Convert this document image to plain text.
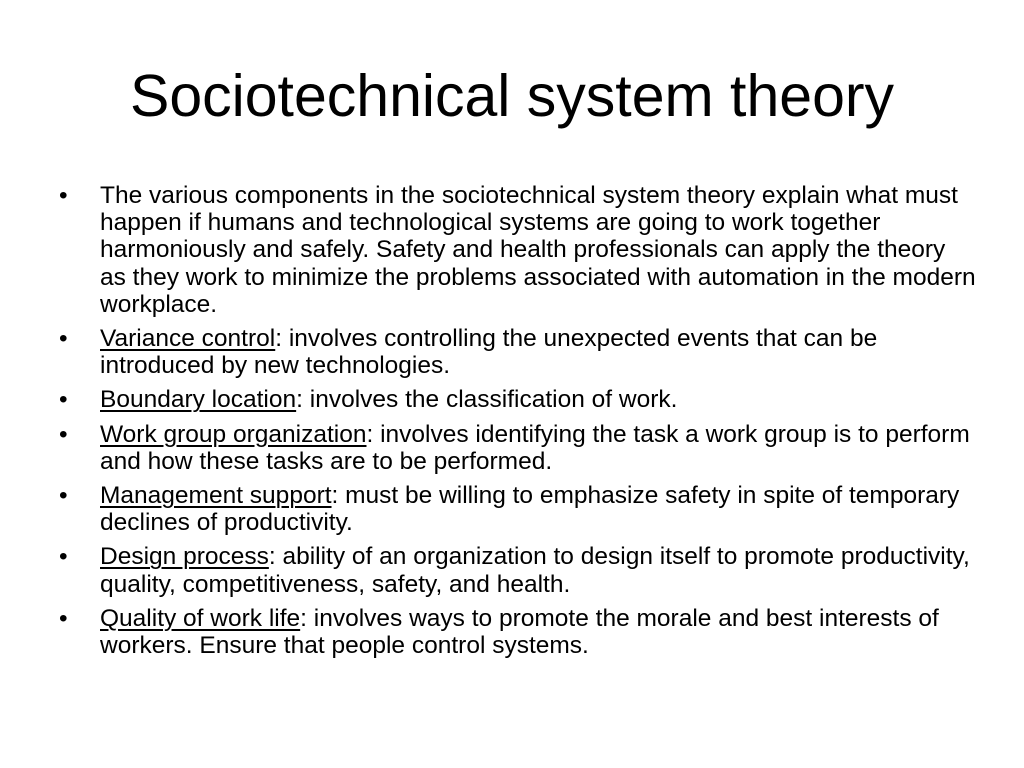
Sociotechnical system theory
•	The various components in the sociotechnical system theory explain what must happen if humans and technological systems are going to work together harmoniously and safely. Safety and health professionals can apply the theory as they work to minimize the problems associated with automation in the modern workplace.
•	Variance control: involves controlling the unexpected events that can be introduced by new technologies.
•	Boundary location: involves the classification of work.
•	Work group organization: involves identifying the task a work group is to perform and how these tasks are to be performed.
•	Management support: must be willing to emphasize safety in spite of temporary declines of productivity.
•	Design process: ability of an organization to design itself to promote productivity, quality, competitiveness, safety, and health.
•	Quality of work life: involves ways to promote the morale and best interests of workers. Ensure that people control systems.
